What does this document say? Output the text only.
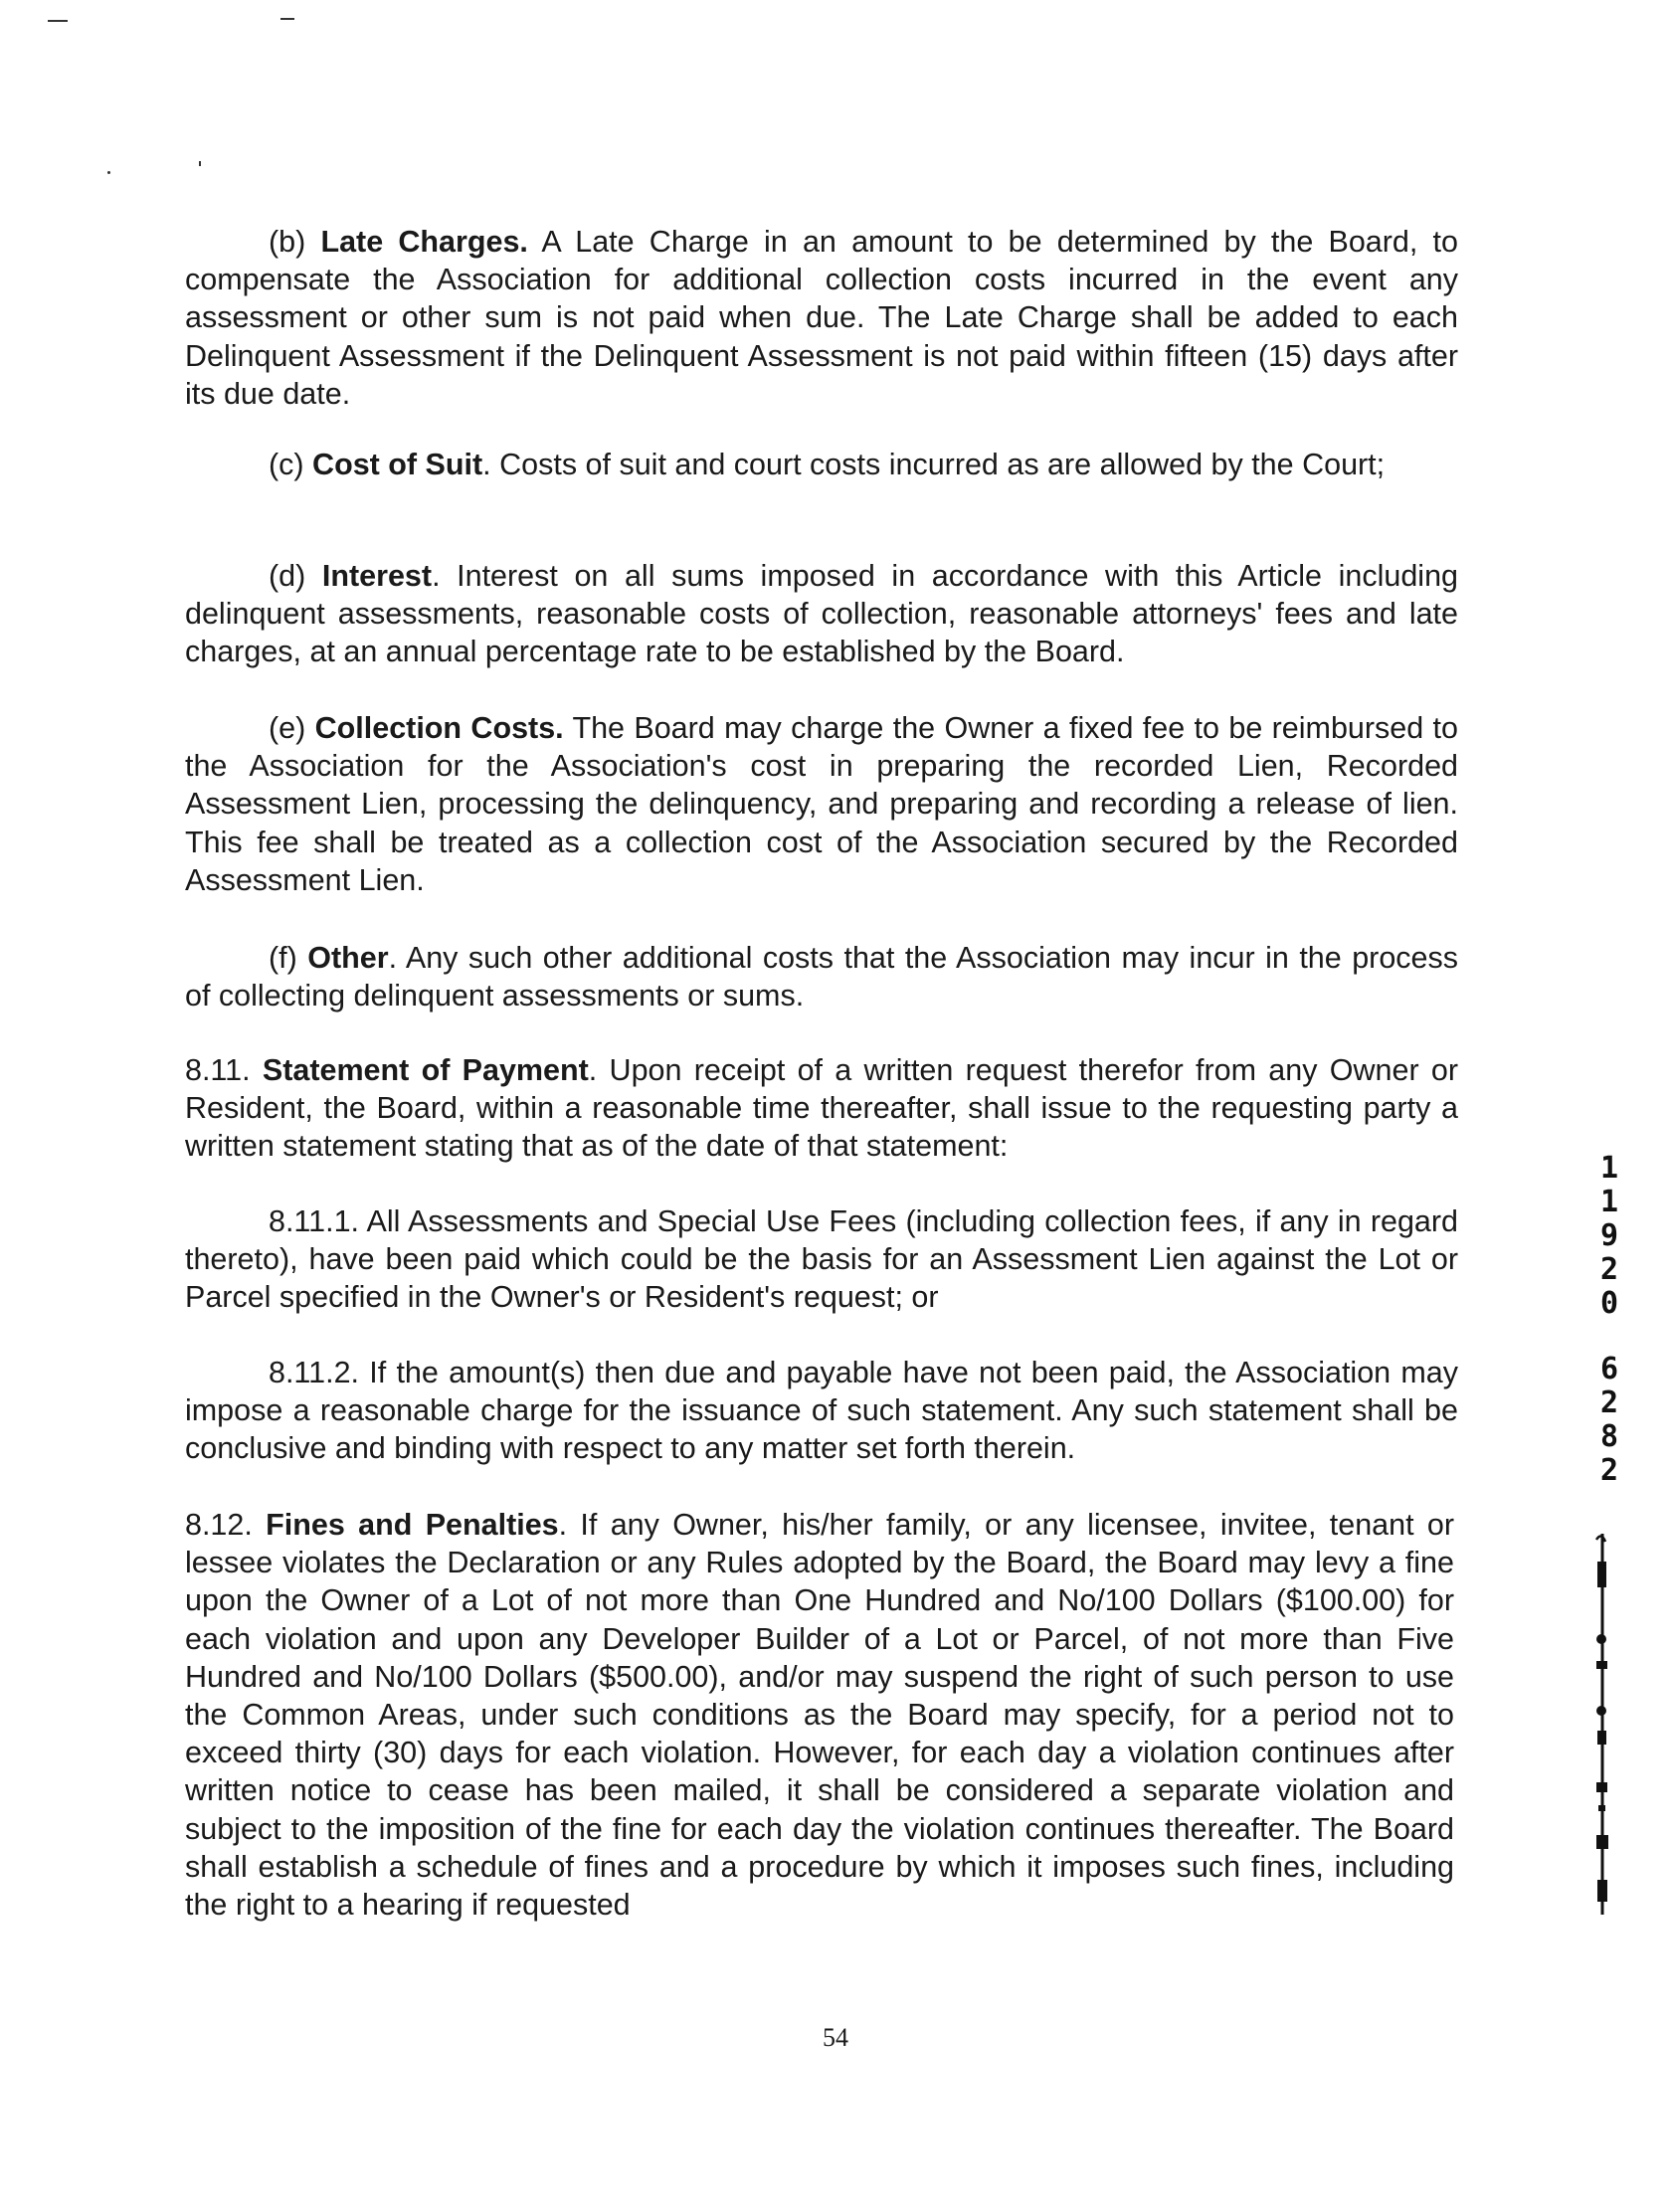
(b) Late Charges. A Late Charge in an amount to be determined by the Board, to compensate the Association for additional collection costs incurred in the event any assessment or other sum is not paid when due. The Late Charge shall be added to each Delinquent Assessment if the Delinquent Assessment is not paid within fifteen (15) days after its due date.

(c) Cost of Suit. Costs of suit and court costs incurred as are allowed by the Court;

(d) Interest. Interest on all sums imposed in accordance with this Article including delinquent assessments, reasonable costs of collection, reasonable attorneys' fees and late charges, at an annual percentage rate to be established by the Board.

(e) Collection Costs. The Board may charge the Owner a fixed fee to be reimbursed to the Association for the Association's cost in preparing the recorded Lien, Recorded Assessment Lien, processing the delinquency, and preparing and recording a release of lien. This fee shall be treated as a collection cost of the Association secured by the Recorded Assessment Lien.

(f) Other. Any such other additional costs that the Association may incur in the process of collecting delinquent assessments or sums.

8.11. Statement of Payment. Upon receipt of a written request therefor from any Owner or Resident, the Board, within a reasonable time thereafter, shall issue to the requesting party a written statement stating that as of the date of that statement:

8.11.1. All Assessments and Special Use Fees (including collection fees, if any in regard thereto), have been paid which could be the basis for an Assessment Lien against the Lot or Parcel specified in the Owner's or Resident's request; or

8.11.2. If the amount(s) then due and payable have not been paid, the Association may impose a reasonable charge for the issuance of such statement. Any such statement shall be conclusive and binding with respect to any matter set forth therein.

8.12. Fines and Penalties. If any Owner, his/her family, or any licensee, invitee, tenant or lessee violates the Declaration or any Rules adopted by the Board, the Board may levy a fine upon the Owner of a Lot of not more than One Hundred and No/100 Dollars ($100.00) for each violation and upon any Developer Builder of a Lot or Parcel, of not more than Five Hundred and No/100 Dollars ($500.00), and/or may suspend the right of such person to use the Common Areas, under such conditions as the Board may specify, for a period not to exceed thirty (30) days for each violation. However, for each day a violation continues after written notice to cease has been mailed, it shall be considered a separate violation and subject to the imposition of the fine for each day the violation continues thereafter. The Board shall establish a schedule of fines and a procedure by which it imposes such fines, including the right to a hearing if requested

54
1
1
9
2
0
6
2
8
2
